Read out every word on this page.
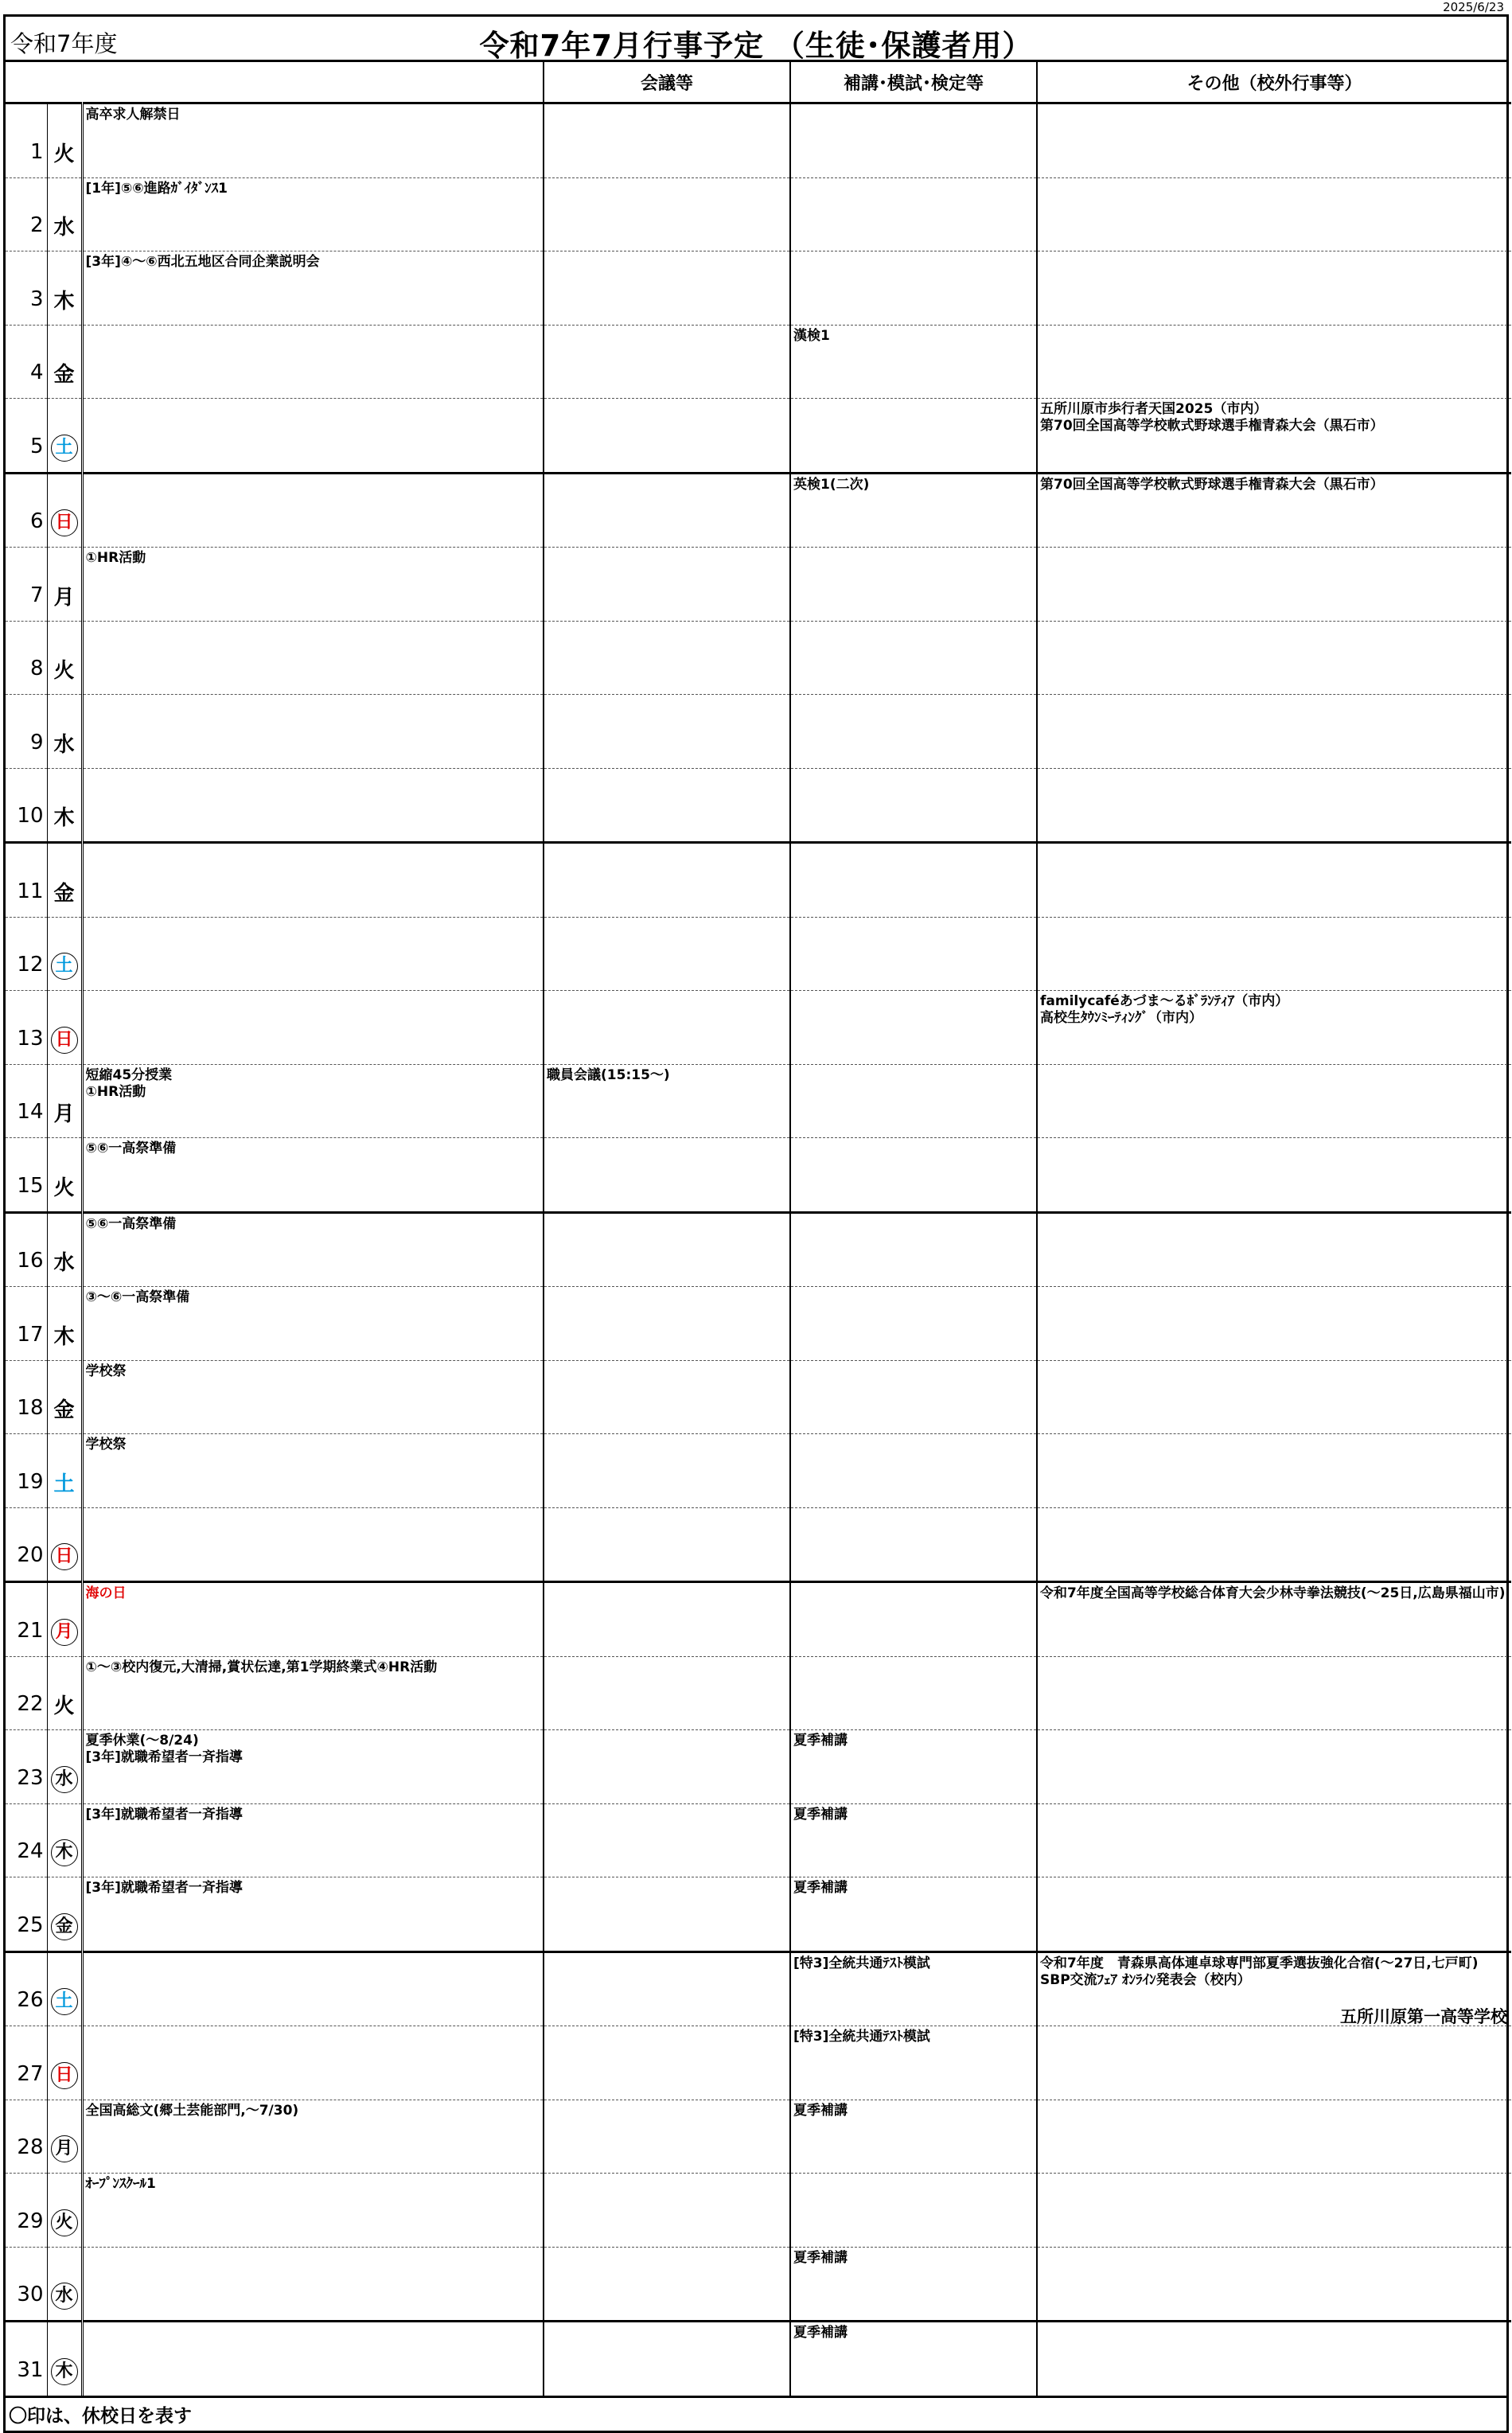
2025/6/23
令和7年度	令和7年7月行事予定 （生徒･保護者用）
			会議等	補講･模試･検定等	その他（校外行事等）
1	火	高卒求人解禁日			

2	水	[1年]⑤⑥進路ｶﾞｲﾀﾞﾝｽ1			

3	木	[3年]④～⑥西北五地区合同企業説明会			

4	金			漢検1	

5	土				五所川原市歩行者天国2025（市内）
第70回全国高等学校軟式野球選手権青森大会（黒石市）

6	日			英検1(二次)	第70回全国高等学校軟式野球選手権青森大会（黒石市）

7	月	①HR活動			

8	火	

9	水	

10	木	

11	金	

12	土	

13	日				familycaféあづま～るﾎﾞﾗﾝﾃｨｱ（市内）
高校生ﾀｳﾝﾐｰﾃｨﾝｸﾞ（市内）

14	月	短縮45分授業
①HR活動	職員会議(15:15～)		

15	火	⑤⑥一高祭準備			

16	水	⑤⑥一高祭準備			

17	木	③～⑥一高祭準備			

18	金	学校祭			

19	土	学校祭			

20	日	

21	月	海の日			令和7年度全国高等学校総合体育大会少林寺拳法競技(～25日,広島県福山市)

22	火	①～③校内復元,大清掃,賞状伝達,第1学期終業式④HR活動			

23	水	夏季休業(～8/24)
[3年]就職希望者一斉指導		夏季補講	

24	木	[3年]就職希望者一斉指導		夏季補講	

25	金	[3年]就職希望者一斉指導		夏季補講	

26	土			[特3]全統共通ﾃｽﾄ模試	令和7年度　青森県高体連卓球専門部夏季選抜強化合宿(～27日,七戸町)
SBP交流ﾌｪｱ ｵﾝﾗｲﾝ発表会（校内）

27	日			[特3]全統共通ﾃｽﾄ模試	

28	月	全国高総文(郷土芸能部門,～7/30)		夏季補講	

29	火	ｵｰﾌﾟﾝｽｸｰﾙ1			

30	水			夏季補講	

31	木			夏季補講	

〇印は、休校日を表す
五所川原第一高等学校
